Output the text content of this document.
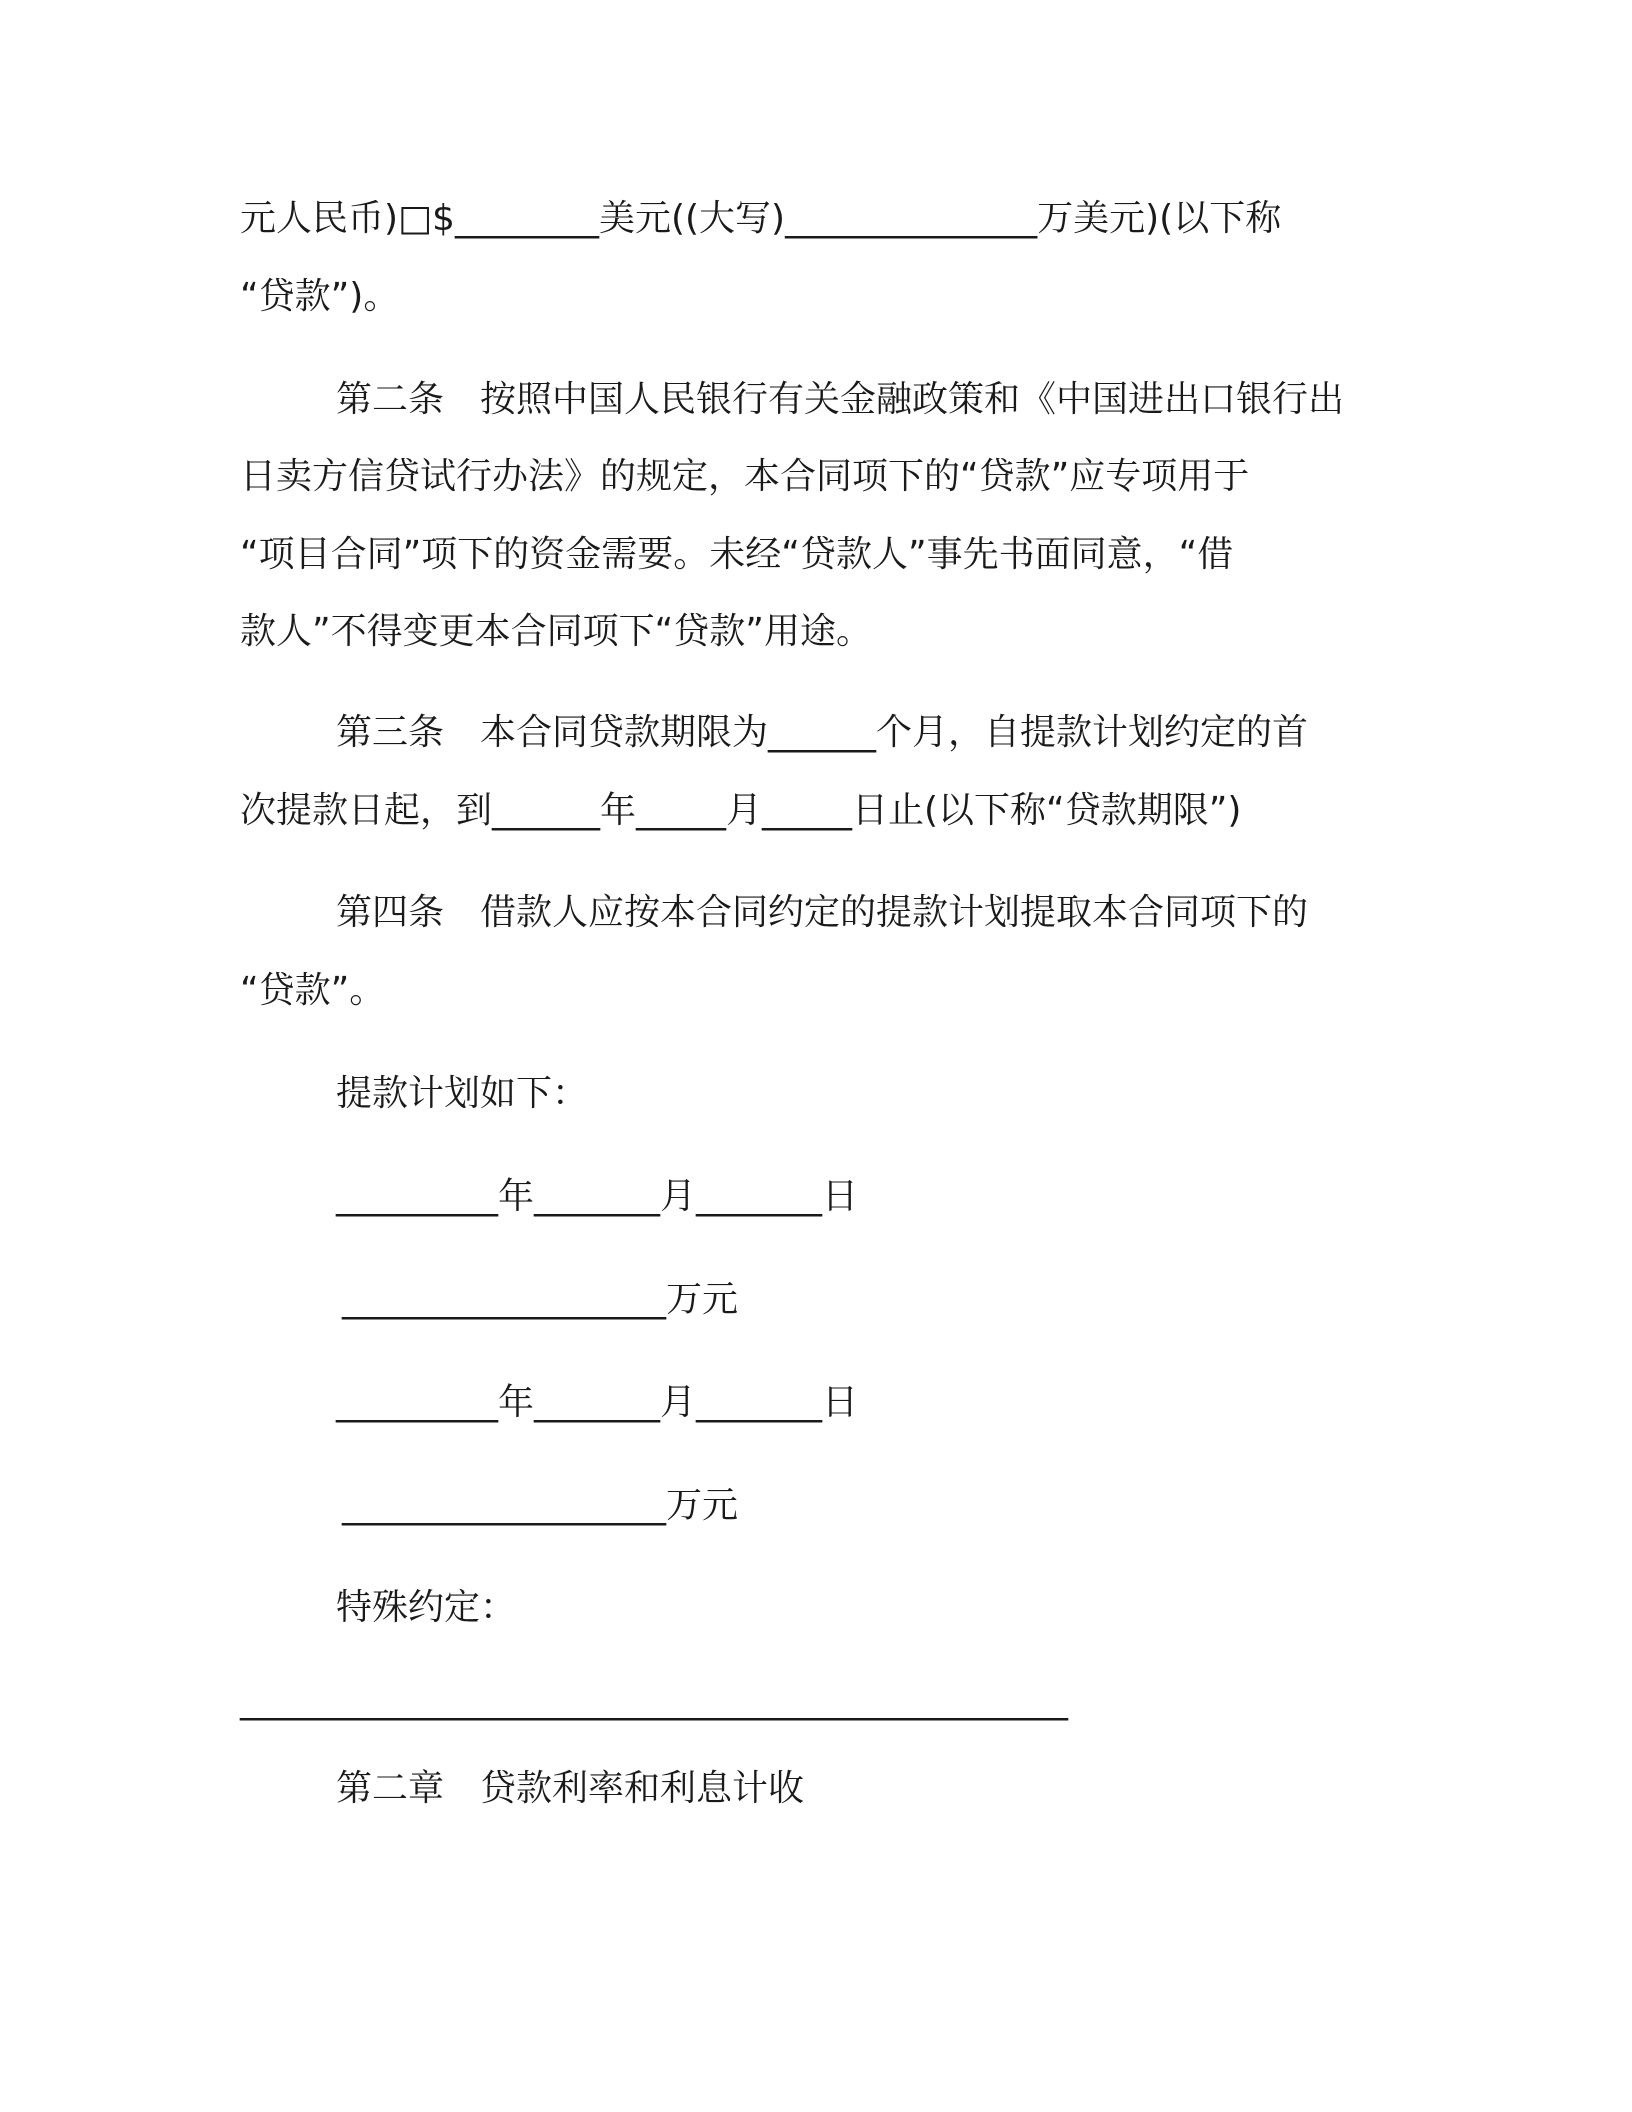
元人民币)□$________美元((大写)______________万美元)(以下称
“贷款”)。
第二条　按照中国人民银行有关金融政策和《中国进出口银行出
日卖方信贷试行办法》的规定，本合同项下的“贷款”应专项用于
“项目合同”项下的资金需要。未经“贷款人”事先书面同意，“借
款人”不得变更本合同项下“贷款”用途。
第三条　本合同贷款期限为______个月，自提款计划约定的首
次提款日起，到______年_____月_____日止(以下称“贷款期限”)
第四条　借款人应按本合同约定的提款计划提取本合同项下的
“贷款”。
提款计划如下：
_________年_______月_______日
__________________万元
_________年_______月_______日
__________________万元
特殊约定：
______________________________________________
第二章　贷款利率和利息计收
